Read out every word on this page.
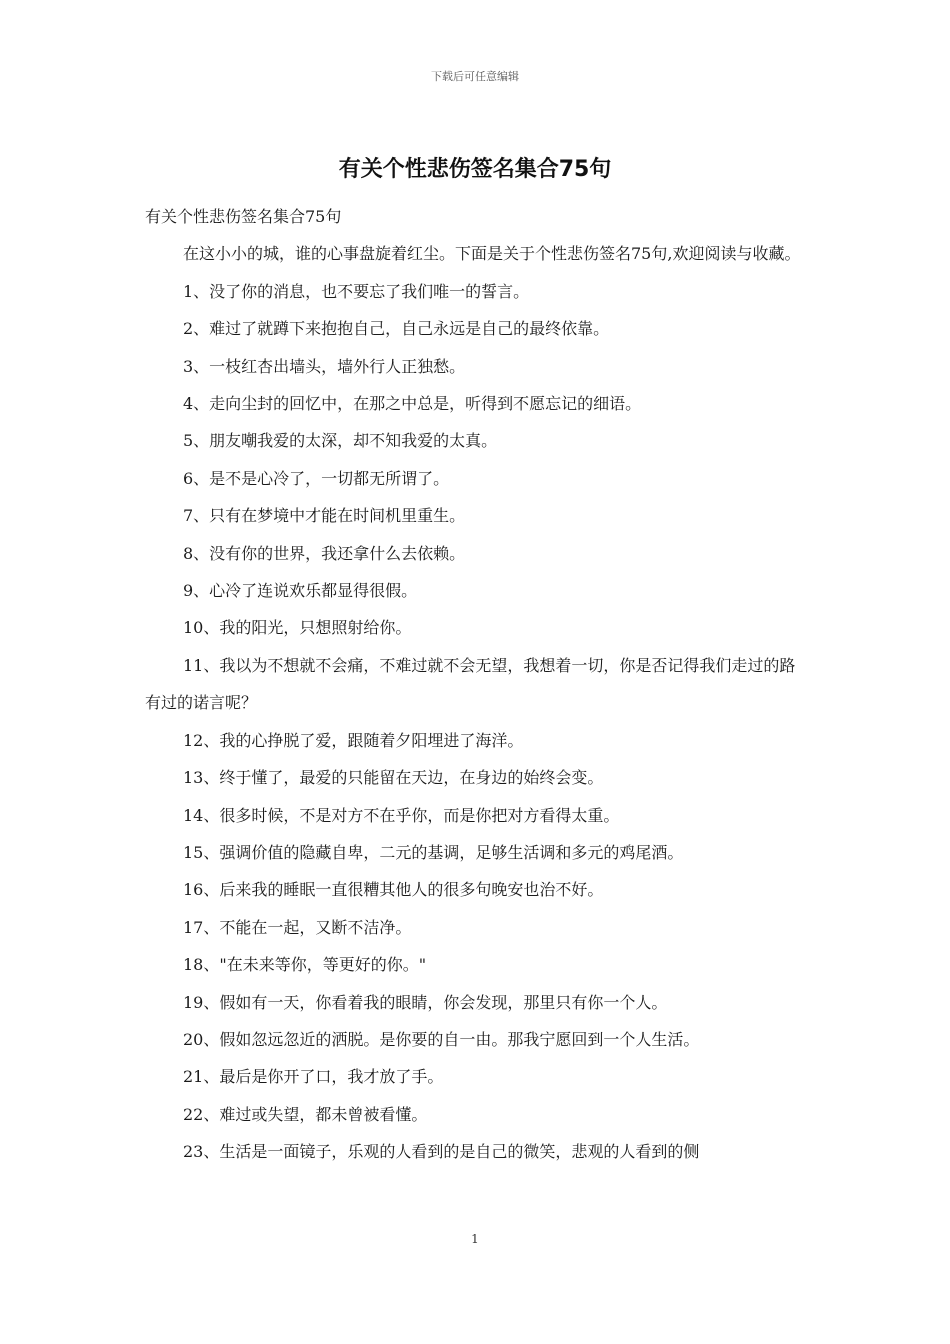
下载后可任意编辑
有关个性悲伤签名集合75句

有关个性悲伤签名集合75句

在这小小的城，谁的心事盘旋着红尘。下面是关于个性悲伤签名75句,欢迎阅读与收藏。

1、没了你的消息，也不要忘了我们唯一的誓言。

2、难过了就蹲下来抱抱自己，自己永远是自己的最终依靠。

3、一枝红杏出墙头，墙外行人正独愁。

4、走向尘封的回忆中，在那之中总是，听得到不愿忘记的细语。

5、朋友嘲我爱的太深，却不知我爱的太真。

6、是不是心冷了，一切都无所谓了。

7、只有在梦境中才能在时间机里重生。

8、没有你的世界，我还拿什么去依赖。

9、心冷了连说欢乐都显得很假。

10、我的阳光，只想照射给你。

11、我以为不想就不会痛，不难过就不会无望，我想着一切，你是否记得我们走过的路有过的诺言呢？

12、我的心挣脱了爱，跟随着夕阳埋进了海洋。

13、终于懂了，最爱的只能留在天边，在身边的始终会变。

14、很多时候，不是对方不在乎你，而是你把对方看得太重。

15、强调价值的隐藏自卑，二元的基调，足够生活调和多元的鸡尾酒。

16、后来我的睡眠一直很糟其他人的很多句晚安也治不好。

17、不能在一起，又断不洁净。

18、"在未来等你，等更好的你。"

19、假如有一天，你看着我的眼睛，你会发现，那里只有你一个人。

20、假如忽远忽近的洒脱。是你要的自一由。那我宁愿回到一个人生活。

21、最后是你开了口，我才放了手。

22、难过或失望，都未曾被看懂。

23、生活是一面镜子，乐观的人看到的是自己的微笑，悲观的人看到的侧

1
